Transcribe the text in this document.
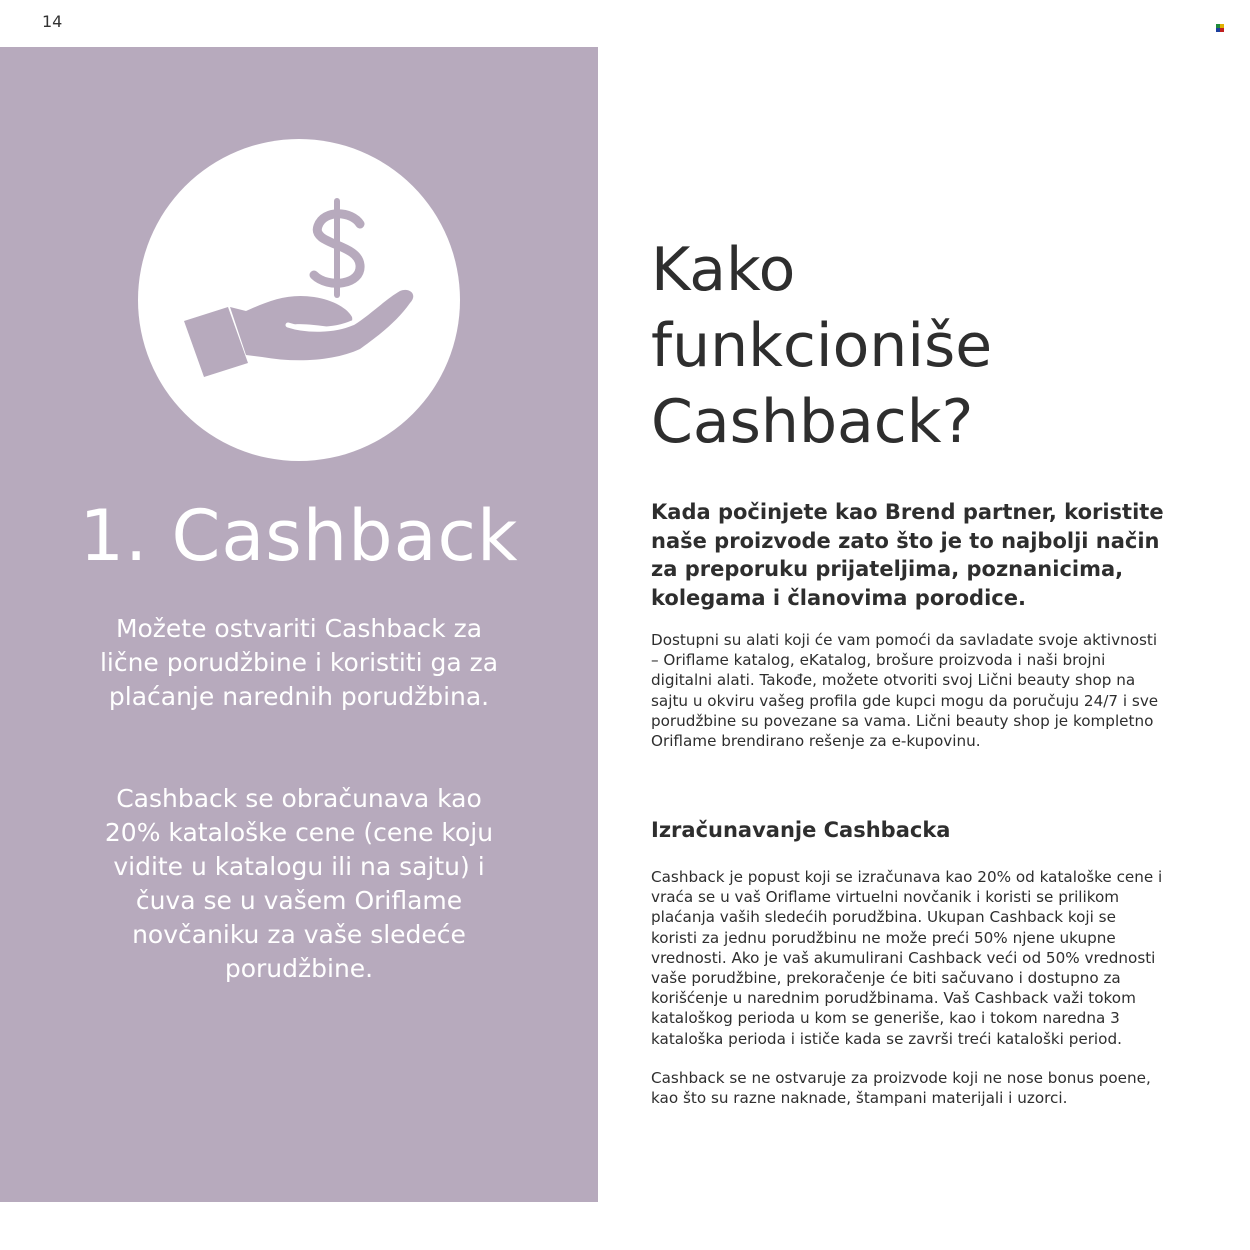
14
1. Cashback

Možete ostvariti Cashback za lične porudžbine i koristiti ga za plaćanje narednih porudžbina.

Cashback se obračunava kao 20% kataloške cene (cene koju vidite u katalogu ili na sajtu) i čuva se u vašem Oriflame novčaniku za vaše sledeće porudžbine.

Kako
funkcioniše
Cashback?

Kada počinjete kao Brend partner, koristite naše proizvode zato što je to najbolji način za preporuku prijateljima, poznanicima, kolegama i članovima porodice.

Dostupni su alati koji će vam pomoći da savladate svoje aktivnosti – Oriflame katalog, eKatalog, brošure proizvoda i naši brojni digitalni alati. Takođe, možete otvoriti svoj Lični beauty shop na sajtu u okviru vašeg profila gde kupci mogu da poručuju 24/7 i sve porudžbine su povezane sa vama. Lični beauty shop je kompletno Oriflame brendirano rešenje za e-kupovinu.

Izračunavanje Cashbacka

Cashback je popust koji se izračunava kao 20% od kataloške cene i vraća se u vaš Oriflame virtuelni novčanik i koristi se prilikom plaćanja vaših sledećih porudžbina. Ukupan Cashback koji se koristi za jednu porudžbinu ne može preći 50% njene ukupne vrednosti. Ako je vaš akumulirani Cashback veći od 50% vrednosti vaše porudžbine, prekoračenje će biti sačuvano i dostupno za korišćenje u narednim porudžbinama. Vaš Cashback važi tokom kataloškog perioda u kom se generiše, kao i tokom naredna 3 kataloška perioda i ističe kada se završi treći kataloški period.

Cashback se ne ostvaruje za proizvode koji ne nose bonus poene, kao što su razne naknade, štampani materijali i uzorci.
